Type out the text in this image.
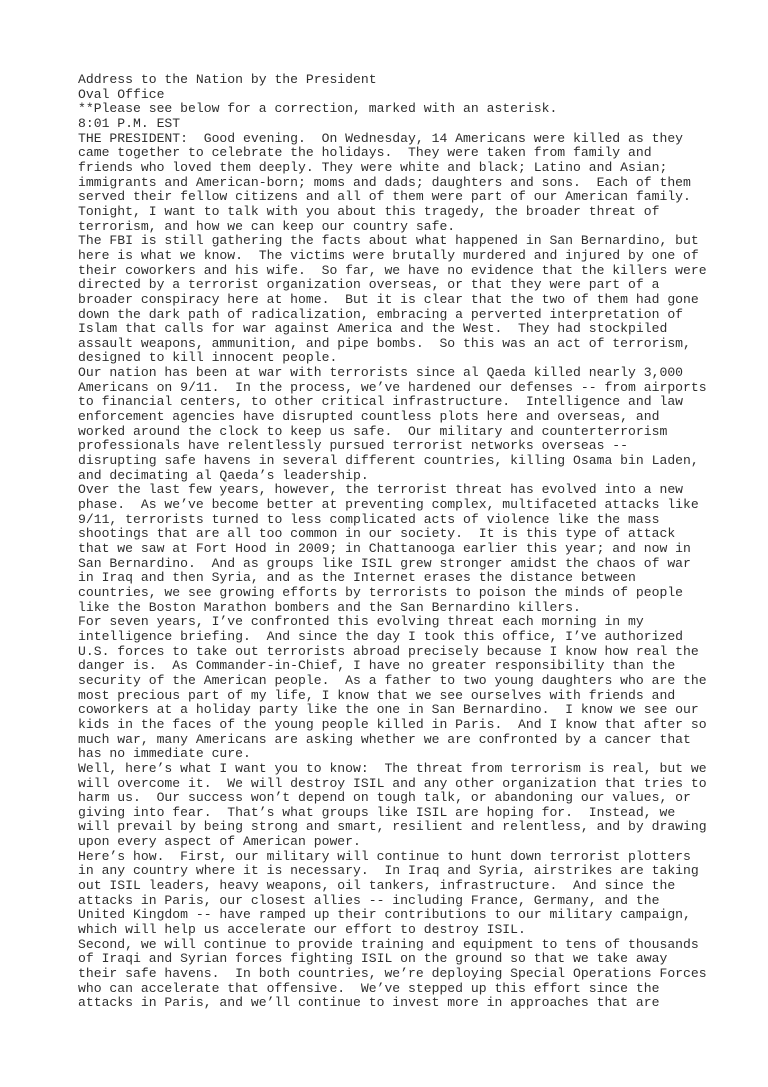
Address to the Nation by the President
Oval Office
**Please see below for a correction, marked with an asterisk.
8:01 P.M. EST
THE PRESIDENT:  Good evening.  On Wednesday, 14 Americans were killed as they
came together to celebrate the holidays.  They were taken from family and
friends who loved them deeply. They were white and black; Latino and Asian;
immigrants and American-born; moms and dads; daughters and sons.  Each of them
served their fellow citizens and all of them were part of our American family.
Tonight, I want to talk with you about this tragedy, the broader threat of
terrorism, and how we can keep our country safe.
The FBI is still gathering the facts about what happened in San Bernardino, but
here is what we know.  The victims were brutally murdered and injured by one of
their coworkers and his wife.  So far, we have no evidence that the killers were
directed by a terrorist organization overseas, or that they were part of a
broader conspiracy here at home.  But it is clear that the two of them had gone
down the dark path of radicalization, embracing a perverted interpretation of
Islam that calls for war against America and the West.  They had stockpiled
assault weapons, ammunition, and pipe bombs.  So this was an act of terrorism,
designed to kill innocent people.
Our nation has been at war with terrorists since al Qaeda killed nearly 3,000
Americans on 9/11.  In the process, we’ve hardened our defenses -- from airports
to financial centers, to other critical infrastructure.  Intelligence and law
enforcement agencies have disrupted countless plots here and overseas, and
worked around the clock to keep us safe.  Our military and counterterrorism
professionals have relentlessly pursued terrorist networks overseas --
disrupting safe havens in several different countries, killing Osama bin Laden,
and decimating al Qaeda’s leadership.
Over the last few years, however, the terrorist threat has evolved into a new
phase.  As we’ve become better at preventing complex, multifaceted attacks like
9/11, terrorists turned to less complicated acts of violence like the mass
shootings that are all too common in our society.  It is this type of attack
that we saw at Fort Hood in 2009; in Chattanooga earlier this year; and now in
San Bernardino.  And as groups like ISIL grew stronger amidst the chaos of war
in Iraq and then Syria, and as the Internet erases the distance between
countries, we see growing efforts by terrorists to poison the minds of people
like the Boston Marathon bombers and the San Bernardino killers.
For seven years, I’ve confronted this evolving threat each morning in my
intelligence briefing.  And since the day I took this office, I’ve authorized
U.S. forces to take out terrorists abroad precisely because I know how real the
danger is.  As Commander-in-Chief, I have no greater responsibility than the
security of the American people.  As a father to two young daughters who are the
most precious part of my life, I know that we see ourselves with friends and
coworkers at a holiday party like the one in San Bernardino.  I know we see our
kids in the faces of the young people killed in Paris.  And I know that after so
much war, many Americans are asking whether we are confronted by a cancer that
has no immediate cure.
Well, here’s what I want you to know:  The threat from terrorism is real, but we
will overcome it.  We will destroy ISIL and any other organization that tries to
harm us.  Our success won’t depend on tough talk, or abandoning our values, or
giving into fear.  That’s what groups like ISIL are hoping for.  Instead, we
will prevail by being strong and smart, resilient and relentless, and by drawing
upon every aspect of American power.
Here’s how.  First, our military will continue to hunt down terrorist plotters
in any country where it is necessary.  In Iraq and Syria, airstrikes are taking
out ISIL leaders, heavy weapons, oil tankers, infrastructure.  And since the
attacks in Paris, our closest allies -- including France, Germany, and the
United Kingdom -- have ramped up their contributions to our military campaign,
which will help us accelerate our effort to destroy ISIL.
Second, we will continue to provide training and equipment to tens of thousands
of Iraqi and Syrian forces fighting ISIL on the ground so that we take away
their safe havens.  In both countries, we’re deploying Special Operations Forces
who can accelerate that offensive.  We’ve stepped up this effort since the
attacks in Paris, and we’ll continue to invest more in approaches that are
